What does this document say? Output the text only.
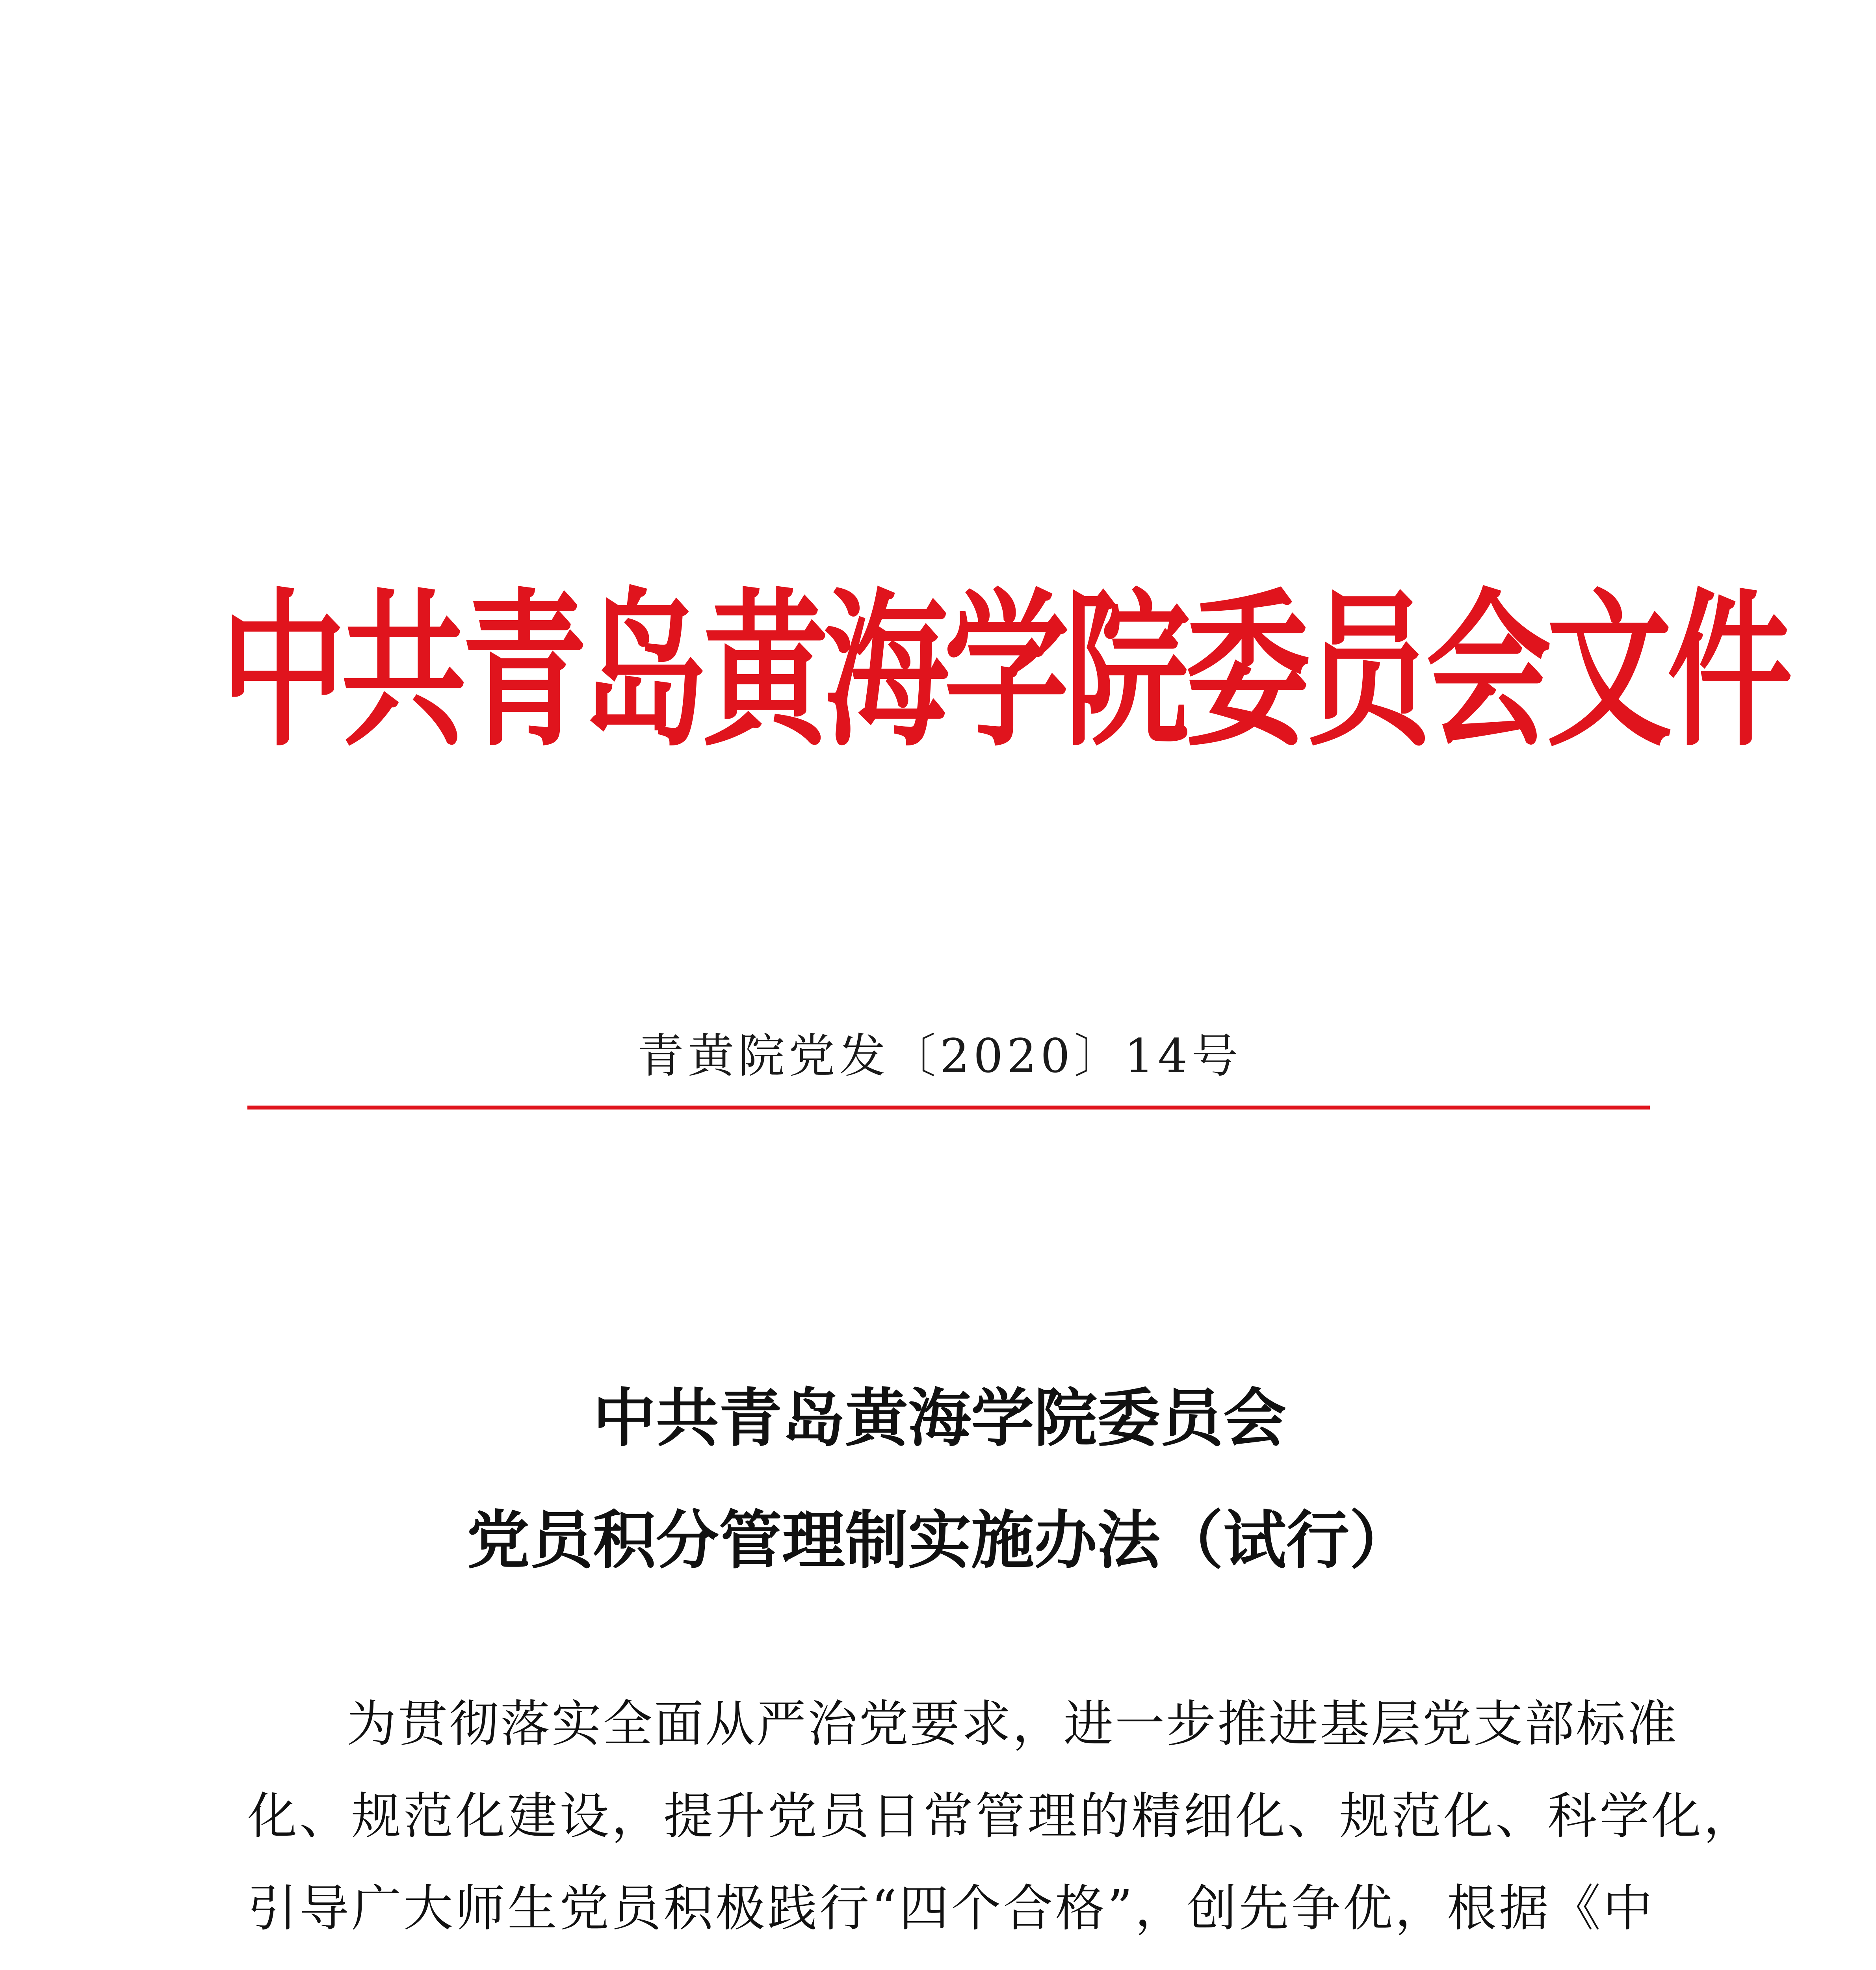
中共青岛黄海学院委员会文件
青黄院党发〔2020〕14号
中共青岛黄海学院委员会
党员积分管理制实施办法（试行）
为贯彻落实全面从严治党要求，进一步推进基层党支部标准
化、规范化建设，提升党员日常管理的精细化、规范化、科学化，
引导广大师生党员积极践行“四个合格”，创先争优，根据《中
